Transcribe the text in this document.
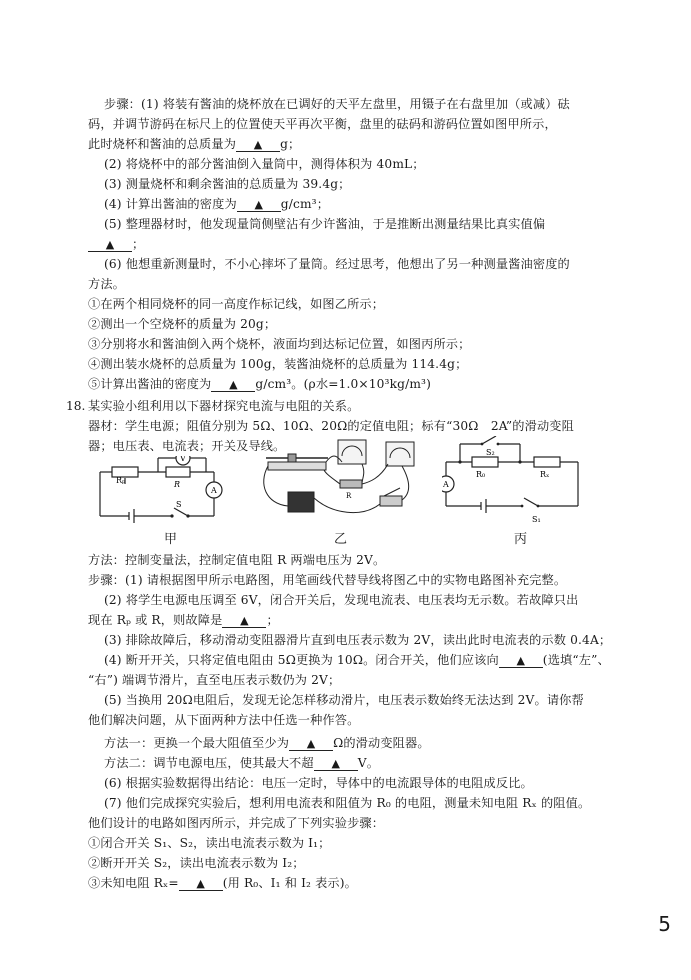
步骤：(1) 将装有酱油的烧杯放在已调好的天平左盘里，用镊子在右盘里加（或减）砝
码，并调节游码在标尺上的位置使天平再次平衡，盘里的砝码和游码位置如图甲所示，
此时烧杯和酱油的总质量为 ▲ g；
(2) 将烧杯中的部分酱油倒入量筒中，测得体积为 40mL；
(3) 测量烧杯和剩余酱油的总质量为 39.4g；
(4) 计算出酱油的密度为 ▲ g/cm³；
(5) 整理器材时，他发现量筒侧壁沾有少许酱油，于是推断出测量结果比真实值偏
▲ ；
(6) 他想重新测量时，不小心摔坏了量筒。经过思考，他想出了另一种测量酱油密度的
方法。
①在两个相同烧杯的同一高度作标记线，如图乙所示；
②测出一个空烧杯的质量为 20g；
③分别将水和酱油倒入两个烧杯，液面均到达标记位置，如图丙所示；
④测出装水烧杯的总质量为 100g，装酱油烧杯的总质量为 114.4g；
⑤计算出酱油的密度为 ▲ g/cm³。(ρ水=1.0×10³kg/m³)
18. 某实验小组利用以下器材探究电流与电阻的关系。
器材：学生电源；阻值分别为 5Ω、10Ω、20Ω的定值电阻；标有“30Ω　2A”的滑动变阻
器；电压表、电流表；开关及导线。
Rₚ
V
R
A
S
R
S₂
R₀	Rₓ
A
S₁
甲	乙	丙
方法：控制变量法，控制定值电阻 R 两端电压为 2V。
步骤：(1) 请根据图甲所示电路图，用笔画线代替导线将图乙中的实物电路图补充完整。
(2) 将学生电源电压调至 6V，闭合开关后，发现电流表、电压表均无示数。若故障只出
现在 Rₚ 或 R，则故障是 ▲ ；
(3) 排除故障后，移动滑动变阻器滑片直到电压表示数为 2V，读出此时电流表的示数 0.4A；
(4) 断开开关，只将定值电阻由 5Ω更换为 10Ω。闭合开关，他们应该向 ▲ (选填“左”、
“右”) 端调节滑片，直至电压表示数仍为 2V；
(5) 当换用 20Ω电阻后，发现无论怎样移动滑片，电压表示数始终无法达到 2V。请你帮
他们解决问题，从下面两种方法中任选一种作答。
方法一：更换一个最大阻值至少为 ▲ Ω的滑动变阻器。
方法二：调节电源电压，使其最大不超 ▲ V。
(6) 根据实验数据得出结论：电压一定时，导体中的电流跟导体的电阻成反比。
(7) 他们完成探究实验后，想利用电流表和阻值为 R₀ 的电阻，测量未知电阻 Rₓ 的阻值。
他们设计的电路如图丙所示，并完成了下列实验步骤：
①闭合开关 S₁、S₂，读出电流表示数为 I₁；
②断开开关 S₂，读出电流表示数为 I₂；
③未知电阻 Rₓ= ▲ (用 R₀、I₁ 和 I₂ 表示)。
5
